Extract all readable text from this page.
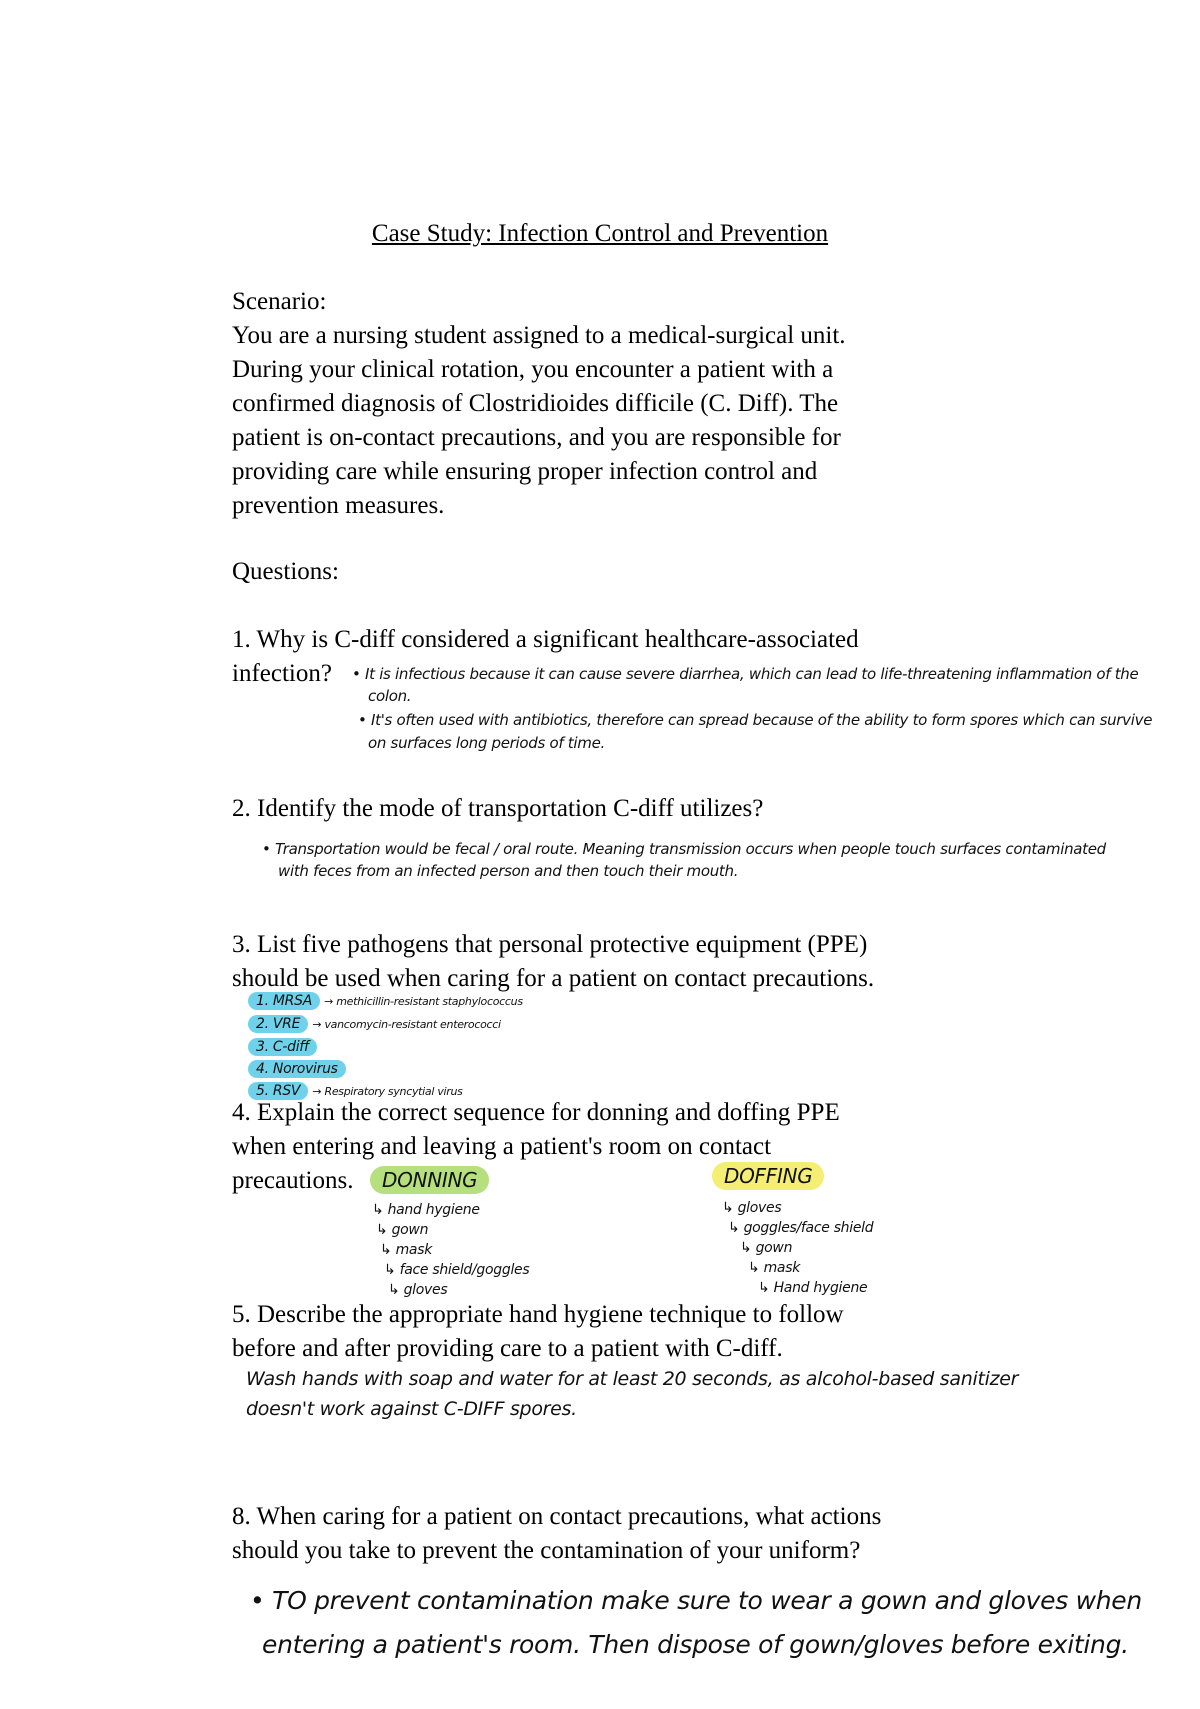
Case Study: Infection Control and Prevention
Scenario:
You are a nursing student assigned to a medical-surgical unit.
During your clinical rotation, you encounter a patient with a
confirmed diagnosis of Clostridioides difficile (C. Diff). The
patient is on-contact precautions, and you are responsible for
providing care while ensuring proper infection control and
prevention measures.
Questions:
1. Why is C-diff considered a significant healthcare-associated
infection?	• It is infectious because it can cause severe diarrhea, which can lead to life-threatening inflammation of the
colon.
• It's often used with antibiotics, therefore can spread because of the ability to form spores which can survive
on surfaces long periods of time.
2. Identify the mode of transportation C-diff utilizes?
• Transportation would be fecal / oral route. Meaning transmission occurs when people touch surfaces contaminated
with feces from an infected person and then touch their mouth.
3. List five pathogens that personal protective equipment (PPE)
should be used when caring for a patient on contact precautions.
1. MRSA → methicillin-resistant staphylococcus
2. VRE → vancomycin-resistant enterococci
3. C-diff
4. Norovirus
5. RSV → Respiratory syncytial virus
4. Explain the correct sequence for donning and doffing PPE
when entering and leaving a patient's room on contact
precautions.	DONNING
↳ hand hygiene
↳ gown
↳ mask
↳ face shield/goggles
↳ gloves
DOFFING
↳ gloves
↳ goggles/face shield
↳ gown
↳ mask
↳ Hand hygiene
5. Describe the appropriate hand hygiene technique to follow
before and after providing care to a patient with C-diff.
Wash hands with soap and water for at least 20 seconds, as alcohol-based sanitizer
doesn't work against C-DIFF spores.
8. When caring for a patient on contact precautions, what actions
should you take to prevent the contamination of your uniform?
• TO prevent contamination make sure to wear a gown and gloves when
entering a patient's room. Then dispose of gown/gloves before exiting.
